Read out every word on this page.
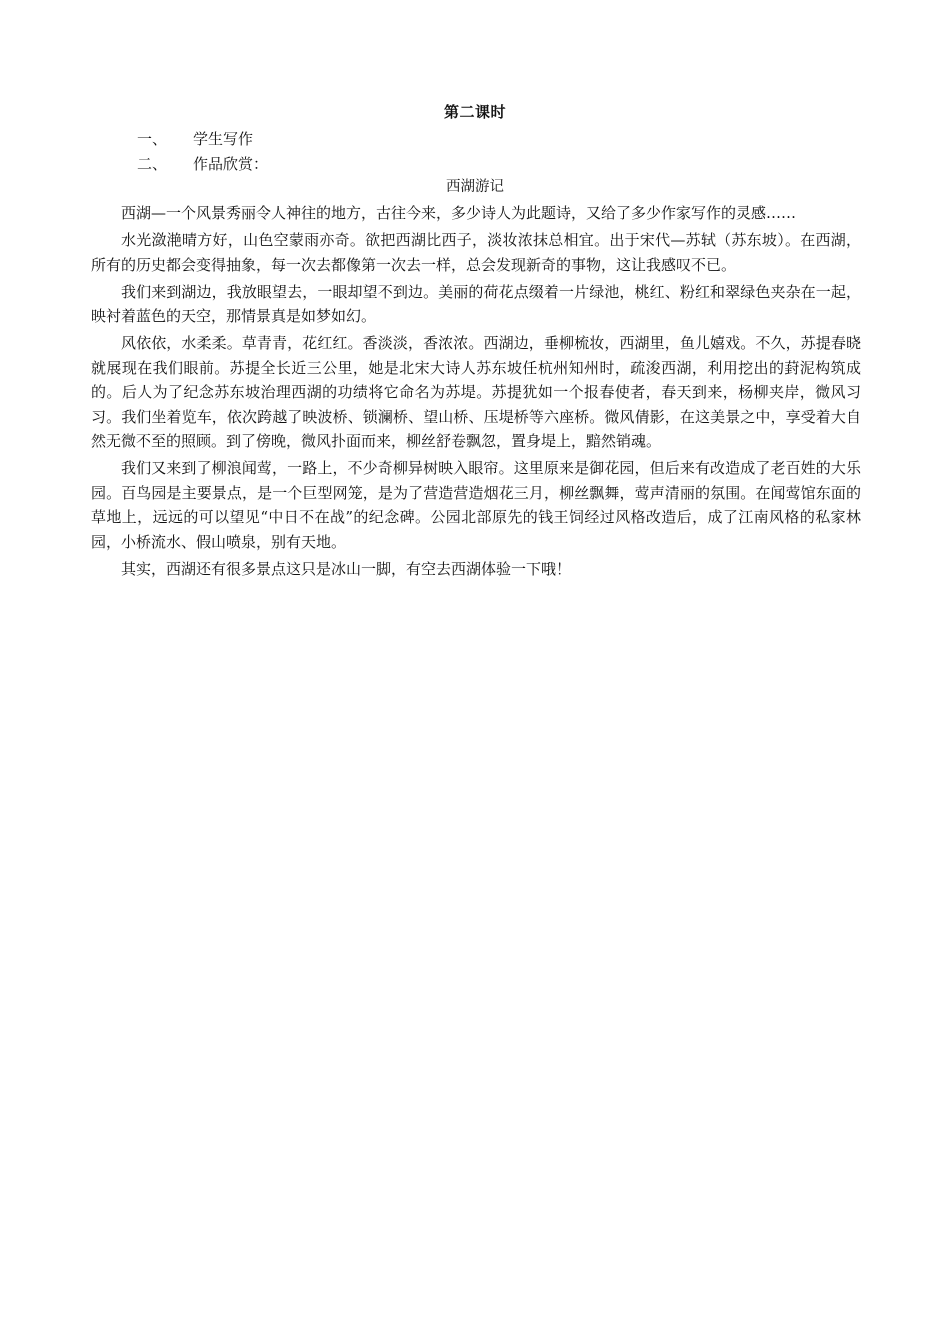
第二课时
一、 学生写作
二、 作品欣赏：
西湖游记

西湖—一个风景秀丽令人神往的地方，古往今来，多少诗人为此题诗，又给了多少作家写作的灵感……

水光潋滟晴方好，山色空蒙雨亦奇。欲把西湖比西子，淡妆浓抹总相宜。出于宋代—苏轼（苏东坡）。在西湖，所有的历史都会变得抽象，每一次去都像第一次去一样，总会发现新奇的事物，这让我感叹不已。

我们来到湖边，我放眼望去，一眼却望不到边。美丽的荷花点缀着一片绿池，桃红、粉红和翠绿色夹杂在一起，映衬着蓝色的天空，那情景真是如梦如幻。

风依依，水柔柔。草青青，花红红。香淡淡，香浓浓。西湖边，垂柳梳妆，西湖里，鱼儿嬉戏。不久，苏提春晓就展现在我们眼前。苏提全长近三公里，她是北宋大诗人苏东坡任杭州知州时，疏浚西湖，利用挖出的葑泥构筑成的。后人为了纪念苏东坡治理西湖的功绩将它命名为苏堤。苏提犹如一个报春使者，春天到来，杨柳夹岸，微风习习。我们坐着览车，依次跨越了映波桥、锁澜桥、望山桥、压堤桥等六座桥。微风倩影，在这美景之中，享受着大自然无微不至的照顾。到了傍晚，微风扑面而来，柳丝舒卷飘忽，置身堤上，黯然销魂。

我们又来到了柳浪闻莺，一路上，不少奇柳异树映入眼帘。这里原来是御花园，但后来有改造成了老百姓的大乐园。百鸟园是主要景点，是一个巨型网笼，是为了营造营造烟花三月，柳丝飘舞，莺声清丽的氛围。在闻莺馆东面的草地上，远远的可以望见“中日不在战”的纪念碑。公园北部原先的钱王饲经过风格改造后，成了江南风格的私家林园，小桥流水、假山喷泉，别有天地。

其实，西湖还有很多景点这只是冰山一脚，有空去西湖体验一下哦！
